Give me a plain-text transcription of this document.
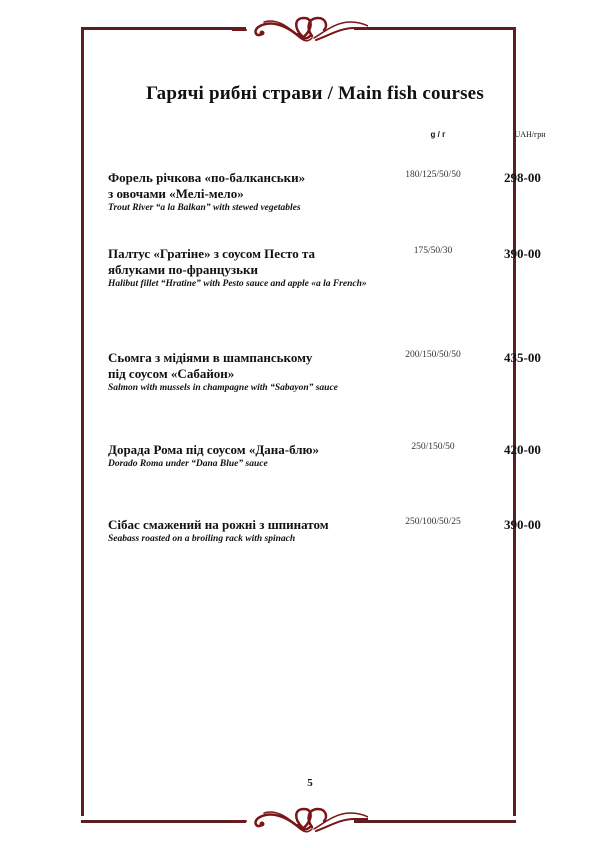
Гарячі рибні страви / Main fish courses
g / г	UAH/грн
Форель річкова «по-балканськи»
з овочами «Мелі-мело»
Trout River “a la Balkan” with stewed vegetables
180/125/50/50	298-00
Палтус «Гратіне» з соусом Песто та
яблуками по-французьки
Halibut fillet “Hratine” with Pesto sauce and apple «a la French»
175/50/30	390-00
Сьомга з мідіями в шампанському
під соусом «Сабайон»
Salmon with mussels in champagne with “Sabayon” sauce
200/150/50/50	435-00
Дорада Рома під соусом «Дана-блю»
Dorado Roma under “Dana Blue” sauce
250/150/50	420-00
Сібас смажений на рожні з шпинатом
Seabass roasted on a broiling rack with spinach
250/100/50/25	390-00
5
